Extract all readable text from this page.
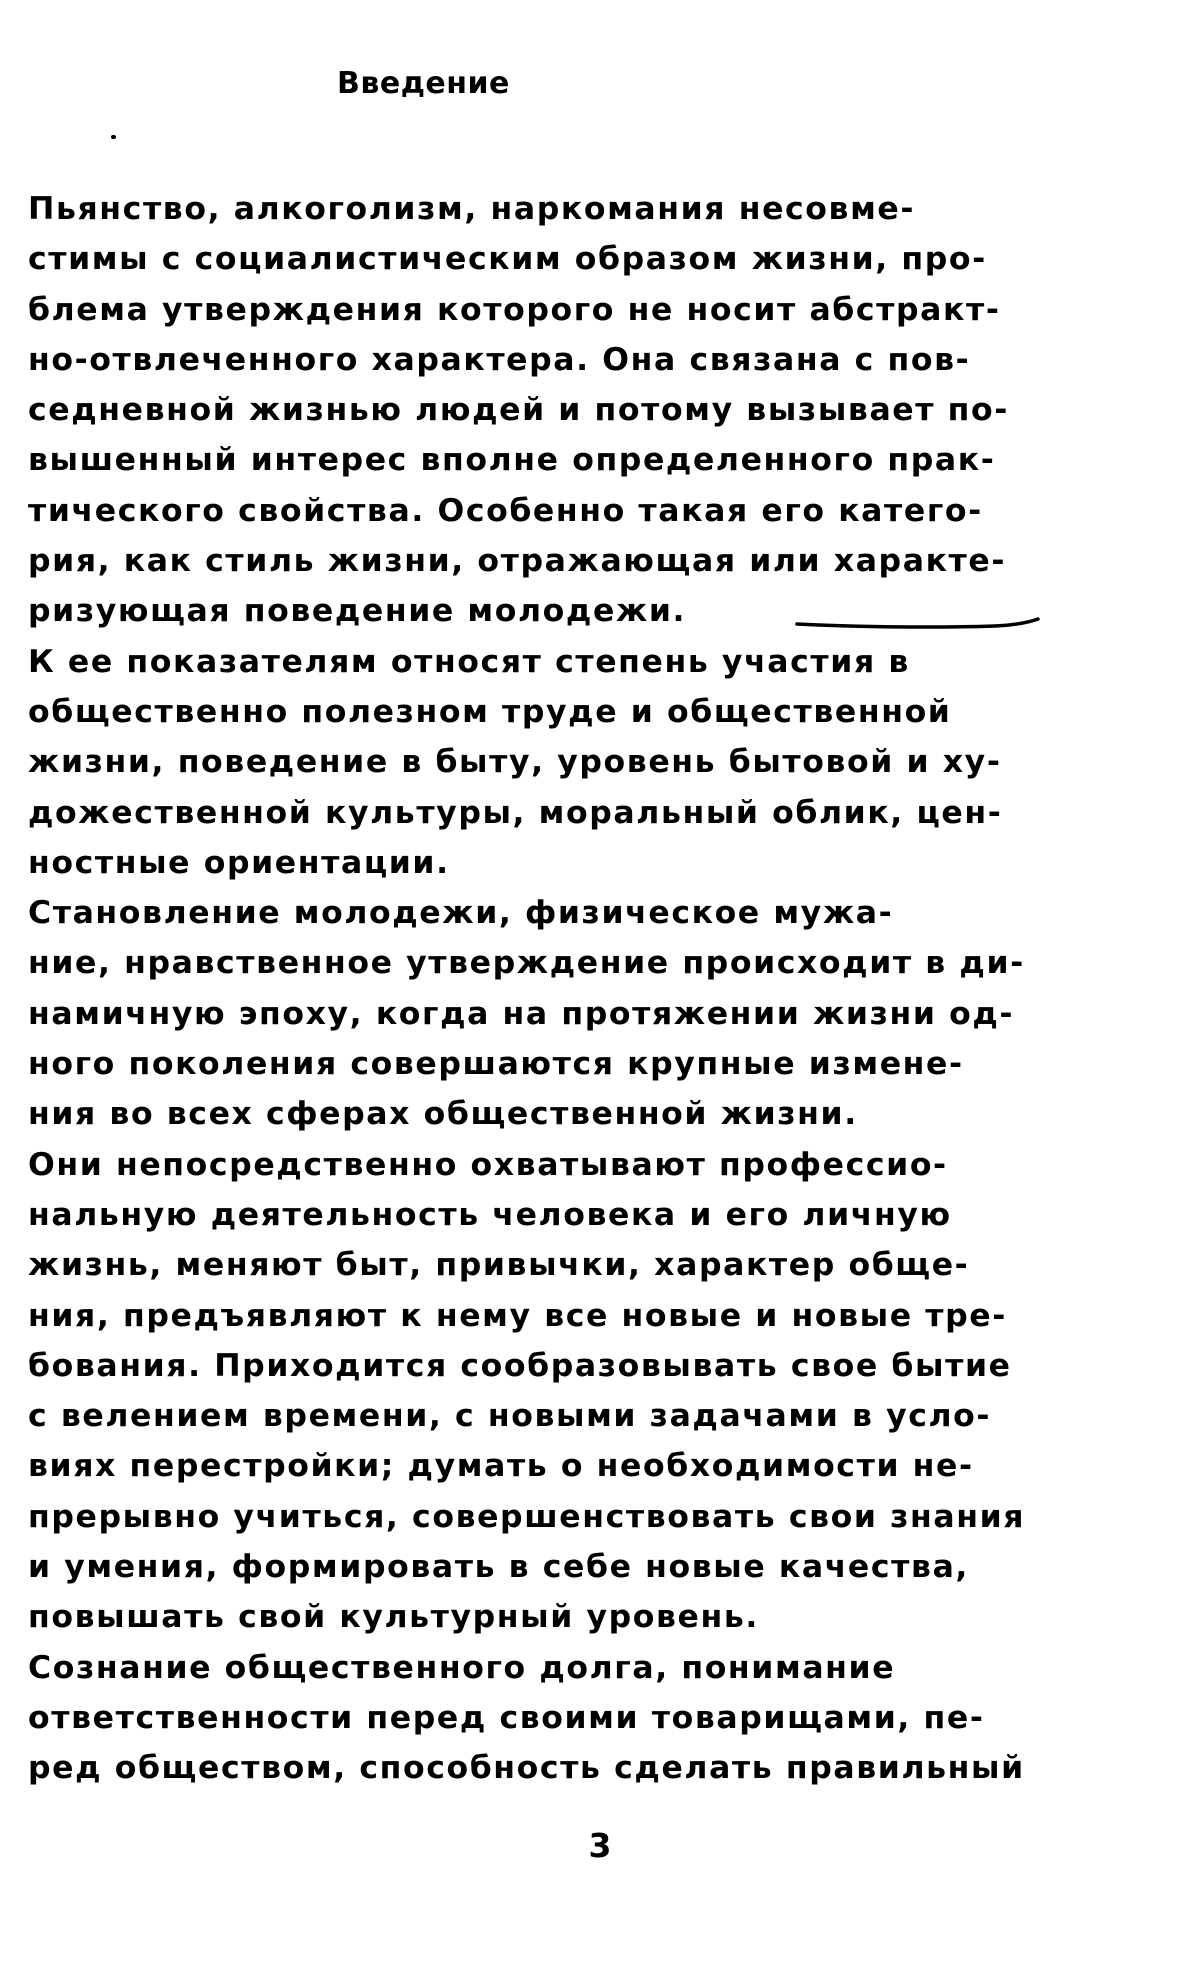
Введение
Пьянство, алкоголизм, наркомания несовме-
стимы с социалистическим образом жизни, про-
блема утверждения которого не носит абстракт-
но-отвлеченного характера. Она связана с пов-
седневной жизнью людей и потому вызывает по-
вышенный интерес вполне определенного прак-
тического свойства. Особенно такая его катего-
рия, как стиль жизни, отражающая или характе-
ризующая поведение молодежи.
К ее показателям относят степень участия в
общественно полезном труде и общественной
жизни, поведение в быту, уровень бытовой и ху-
дожественной культуры, моральный облик, цен-
ностные ориентации.
Становление молодежи, физическое мужа-
ние, нравственное утверждение происходит в ди-
намичную эпоху, когда на протяжении жизни од-
ного поколения совершаются крупные измене-
ния во всех сферах общественной жизни.
Они непосредственно охватывают профессио-
нальную деятельность человека и его личную
жизнь, меняют быт, привычки, характер обще-
ния, предъявляют к нему все новые и новые тре-
бования. Приходится сообразовывать свое бытие
с велением времени, с новыми задачами в усло-
виях перестройки; думать о необходимости не-
прерывно учиться, совершенствовать свои знания
и умения, формировать в себе новые качества,
повышать свой культурный уровень.
Сознание общественного долга, понимание
ответственности перед своими товарищами, пе-
ред обществом, способность сделать правильный
3
